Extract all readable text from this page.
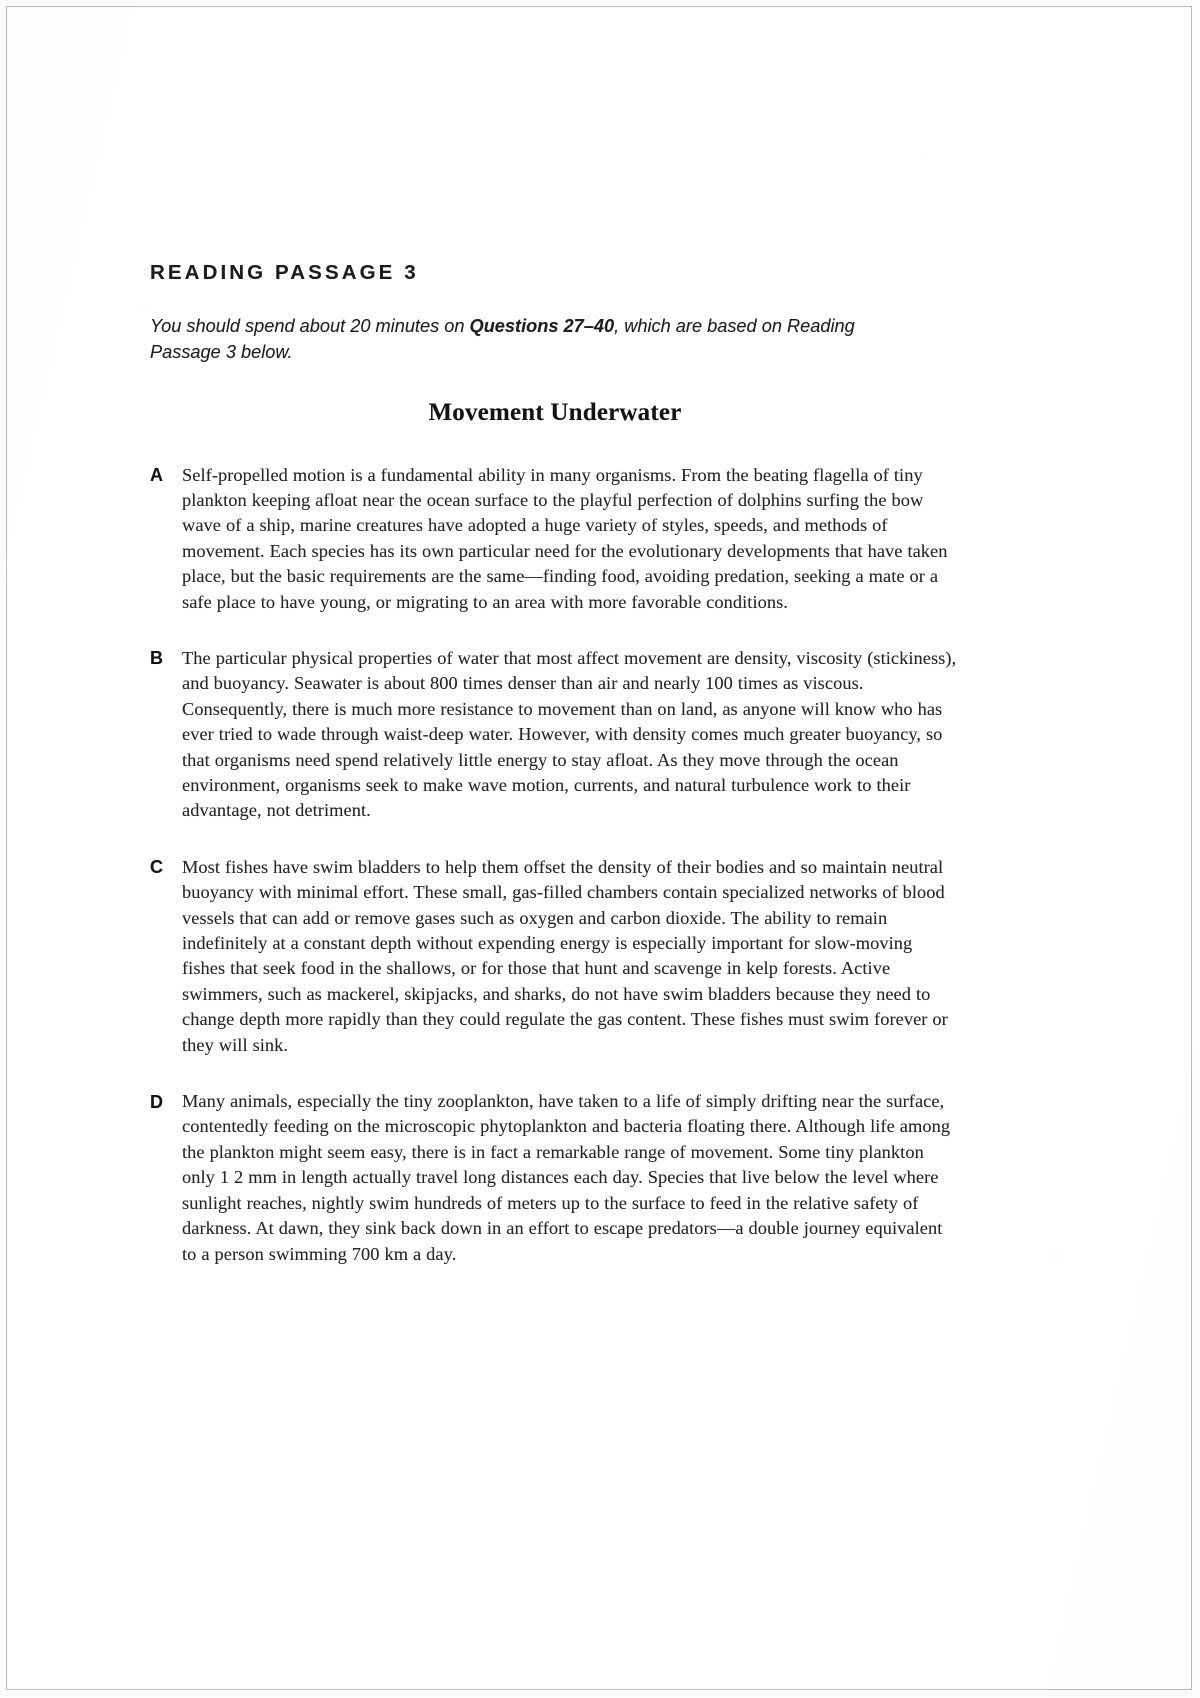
READING PASSAGE 3

You should spend about 20 minutes on Questions 27–40, which are based on Reading Passage 3 below.

Movement Underwater
A	Self-propelled motion is a fundamental ability in many organisms. From the beating flagella of tiny plankton keeping afloat near the ocean surface to the playful perfection of dolphins surfing the bow wave of a ship, marine creatures have adopted a huge variety of styles, speeds, and methods of movement. Each species has its own particular need for the evolutionary developments that have taken place, but the basic requirements are the same—finding food, avoiding predation, seeking a mate or a safe place to have young, or migrating to an area with more favorable conditions.
B	The particular physical properties of water that most affect movement are density, viscosity (stickiness), and buoyancy. Seawater is about 800 times denser than air and nearly 100 times as viscous. Consequently, there is much more resistance to movement than on land, as anyone will know who has ever tried to wade through waist-deep water. However, with density comes much greater buoyancy, so that organisms need spend relatively little energy to stay afloat. As they move through the ocean environment, organisms seek to make wave motion, currents, and natural turbulence work to their advantage, not detriment.
C	Most fishes have swim bladders to help them offset the density of their bodies and so maintain neutral buoyancy with minimal effort. These small, gas-filled chambers contain specialized networks of blood vessels that can add or remove gases such as oxygen and carbon dioxide. The ability to remain indefinitely at a constant depth without expending energy is especially important for slow-moving fishes that seek food in the shallows, or for those that hunt and scavenge in kelp forests. Active swimmers, such as mackerel, skipjacks, and sharks, do not have swim bladders because they need to change depth more rapidly than they could regulate the gas content. These fishes must swim forever or they will sink.
D	Many animals, especially the tiny zooplankton, have taken to a life of simply drifting near the surface, contentedly feeding on the microscopic phytoplankton and bacteria floating there. Although life among the plankton might seem easy, there is in fact a remarkable range of movement. Some tiny plankton only 1 2 mm in length actually travel long distances each day. Species that live below the level where sunlight reaches, nightly swim hundreds of meters up to the surface to feed in the relative safety of darkness. At dawn, they sink back down in an effort to escape predators—a double journey equivalent to a person swimming 700 km a day.
